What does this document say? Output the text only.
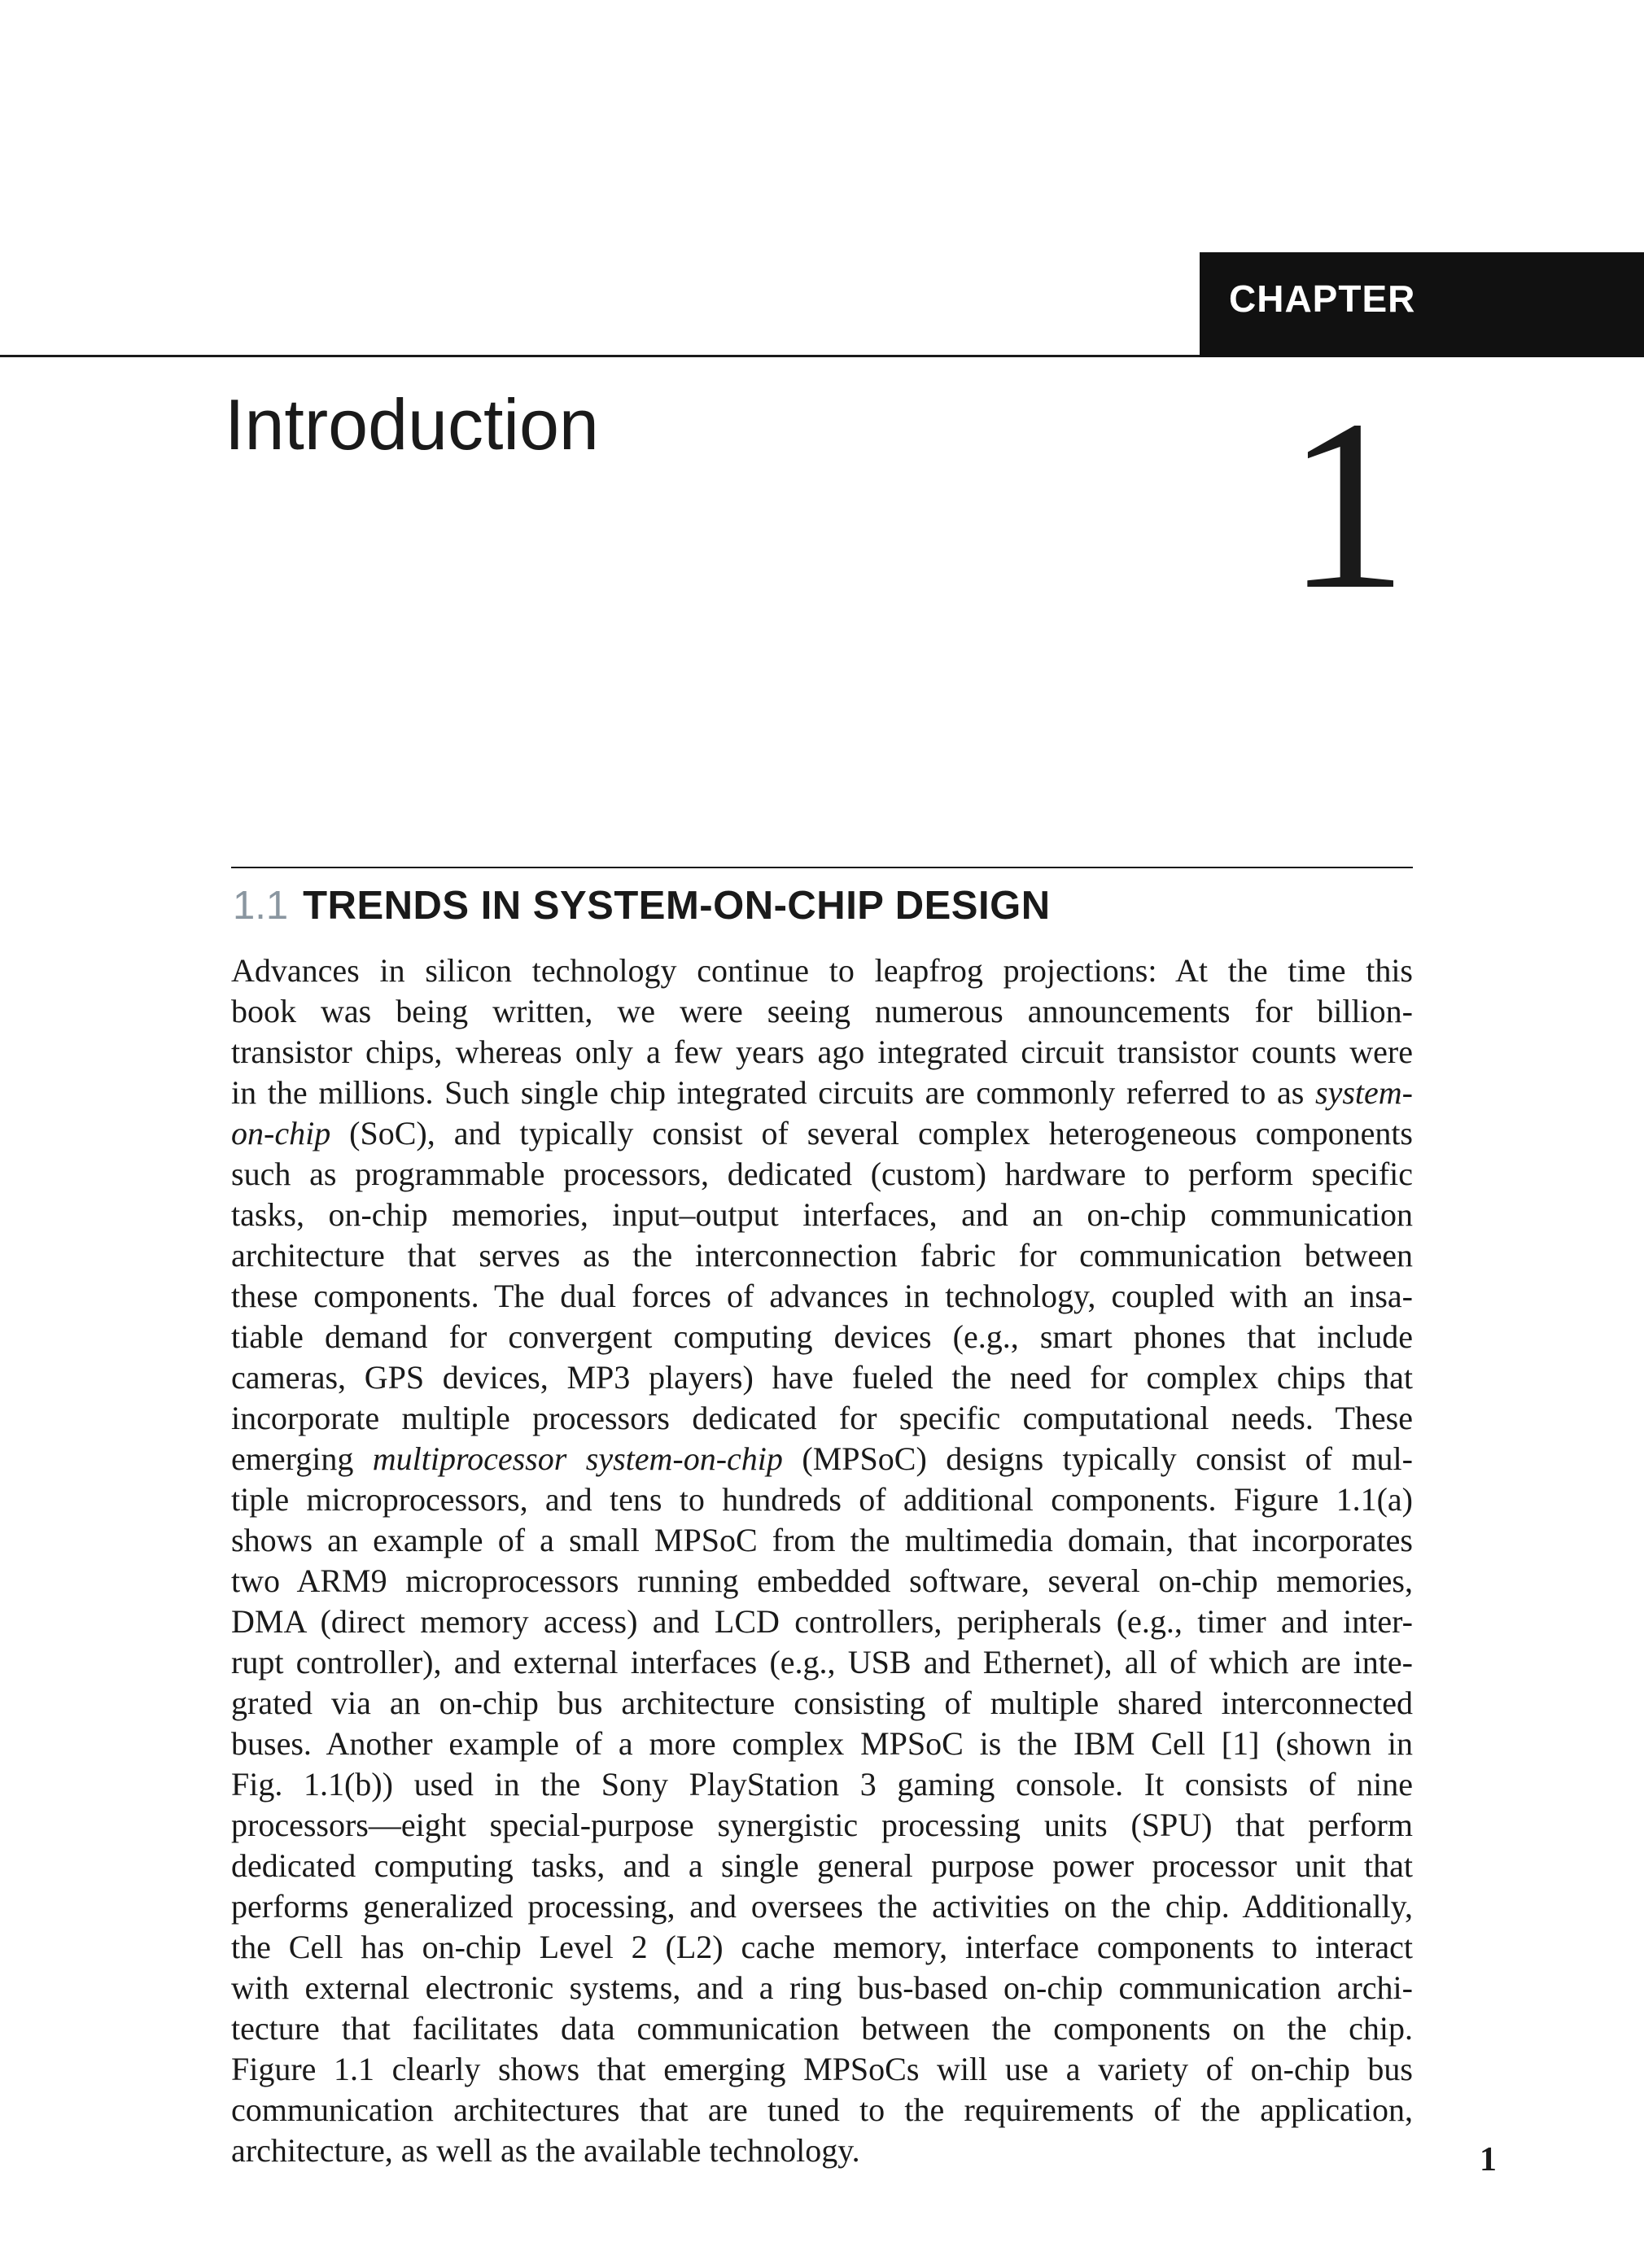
CHAPTER
Introduction	1
1.1 TRENDS IN SYSTEM-ON-CHIP DESIGN
Advances in silicon technology continue to leapfrog projections: At the time this
book was being written, we were seeing numerous announcements for billion-
transistor chips, whereas only a few years ago integrated circuit transistor counts were
in the millions. Such single chip integrated circuits are commonly referred to as system-
on-chip (SoC), and typically consist of several complex heterogeneous components
such as programmable processors, dedicated (custom) hardware to perform specific
tasks, on-chip memories, input–output interfaces, and an on-chip communication
architecture that serves as the interconnection fabric for communication between
these components. The dual forces of advances in technology, coupled with an insa-
tiable demand for convergent computing devices (e.g., smart phones that include
cameras, GPS devices, MP3 players) have fueled the need for complex chips that
incorporate multiple processors dedicated for specific computational needs. These
emerging multiprocessor system-on-chip (MPSoC) designs typically consist of mul-
tiple microprocessors, and tens to hundreds of additional components. Figure 1.1(a)
shows an example of a small MPSoC from the multimedia domain, that incorporates
two ARM9 microprocessors running embedded software, several on-chip memories,
DMA (direct memory access) and LCD controllers, peripherals (e.g., timer and inter-
rupt controller), and external interfaces (e.g., USB and Ethernet), all of which are inte-
grated via an on-chip bus architecture consisting of multiple shared interconnected
buses. Another example of a more complex MPSoC is the IBM Cell [1] (shown in
Fig. 1.1(b)) used in the Sony PlayStation 3 gaming console. It consists of nine
processors—eight special-purpose synergistic processing units (SPU) that perform
dedicated computing tasks, and a single general purpose power processor unit that
performs generalized processing, and oversees the activities on the chip. Additionally,
the Cell has on-chip Level 2 (L2) cache memory, interface components to interact
with external electronic systems, and a ring bus-based on-chip communication archi-
tecture that facilitates data communication between the components on the chip.
Figure 1.1 clearly shows that emerging MPSoCs will use a variety of on-chip bus
communication architectures that are tuned to the requirements of the application,
architecture, as well as the available technology.	1
